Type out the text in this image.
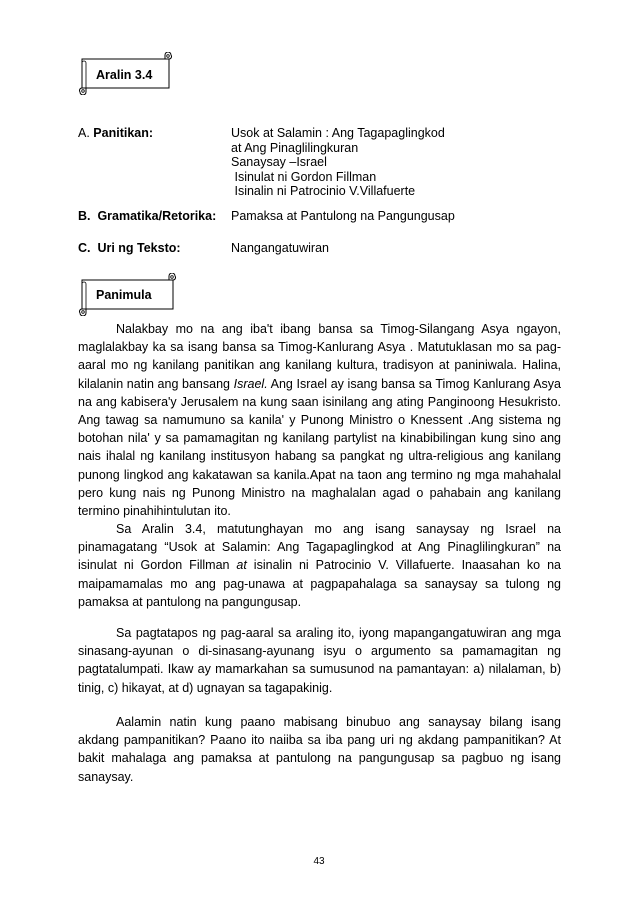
Aralin 3.4
A. Panitikan:	Usok at Salamin : Ang Tagapaglingkod
at Ang Pinaglilingkuran
Sanaysay –Israel
Isinulat ni Gordon Fillman
Isinalin ni Patrocinio V.Villafuerte
B.  Gramatika/Retorika: Pamaksa at Pantulong na Pangungusap
C.  Uri ng Teksto:	Nangangatuwiran
Panimula

Nalakbay mo na ang iba't ibang bansa sa Timog-Silangang Asya ngayon, maglalakbay ka sa isang bansa sa Timog-Kanlurang Asya . Matutuklasan mo sa pag-aaral mo ng kanilang panitikan ang kanilang kultura, tradisyon at paniniwala. Halina, kilalanin natin ang bansang Israel. Ang Israel ay isang bansa sa Timog Kanlurang Asya na ang kabisera'y Jerusalem na kung saan isinilang ang ating Panginoong Hesukristo. Ang tawag sa namumuno sa kanila' y Punong Ministro o Knessent .Ang sistema ng botohan nila' y sa pamamagitan ng kanilang partylist na kinabibilingan kung sino ang nais ihalal ng kanilang institusyon habang sa pangkat ng ultra-religious ang kanilang punong lingkod ang kakatawan sa kanila.Apat na taon ang termino ng mga mahahalal pero kung nais ng Punong Ministro na maghalalan agad o pahabain ang kanilang termino pinahihintulutan ito.

Sa Aralin 3.4, matutunghayan mo ang isang sanaysay ng Israel na pinamagatang “Usok at Salamin: Ang Tagapaglingkod at Ang Pinaglilingkuran” na isinulat ni Gordon Fillman at isinalin ni Patrocinio V. Villafuerte. Inaasahan ko na maipamamalas mo ang pag-unawa at pagpapahalaga sa sanaysay sa tulong ng pamaksa at pantulong na pangungusap.

Sa pagtatapos ng pag-aaral sa araling ito, iyong mapangangatuwiran ang mga sinasang-ayunan o di-sinasang-ayunang isyu o argumento sa pamamagitan ng pagtatalumpati. Ikaw ay mamarkahan sa sumusunod na pamantayan: a) nilalaman, b) tinig, c) hikayat, at d) ugnayan sa tagapakinig.

Aalamin natin kung paano mabisang binubuo ang sanaysay bilang isang akdang pampanitikan? Paano ito naiiba sa iba pang uri ng akdang pampanitikan? At bakit mahalaga ang pamaksa at pantulong na pangungusap sa pagbuo ng isang sanaysay.

43
